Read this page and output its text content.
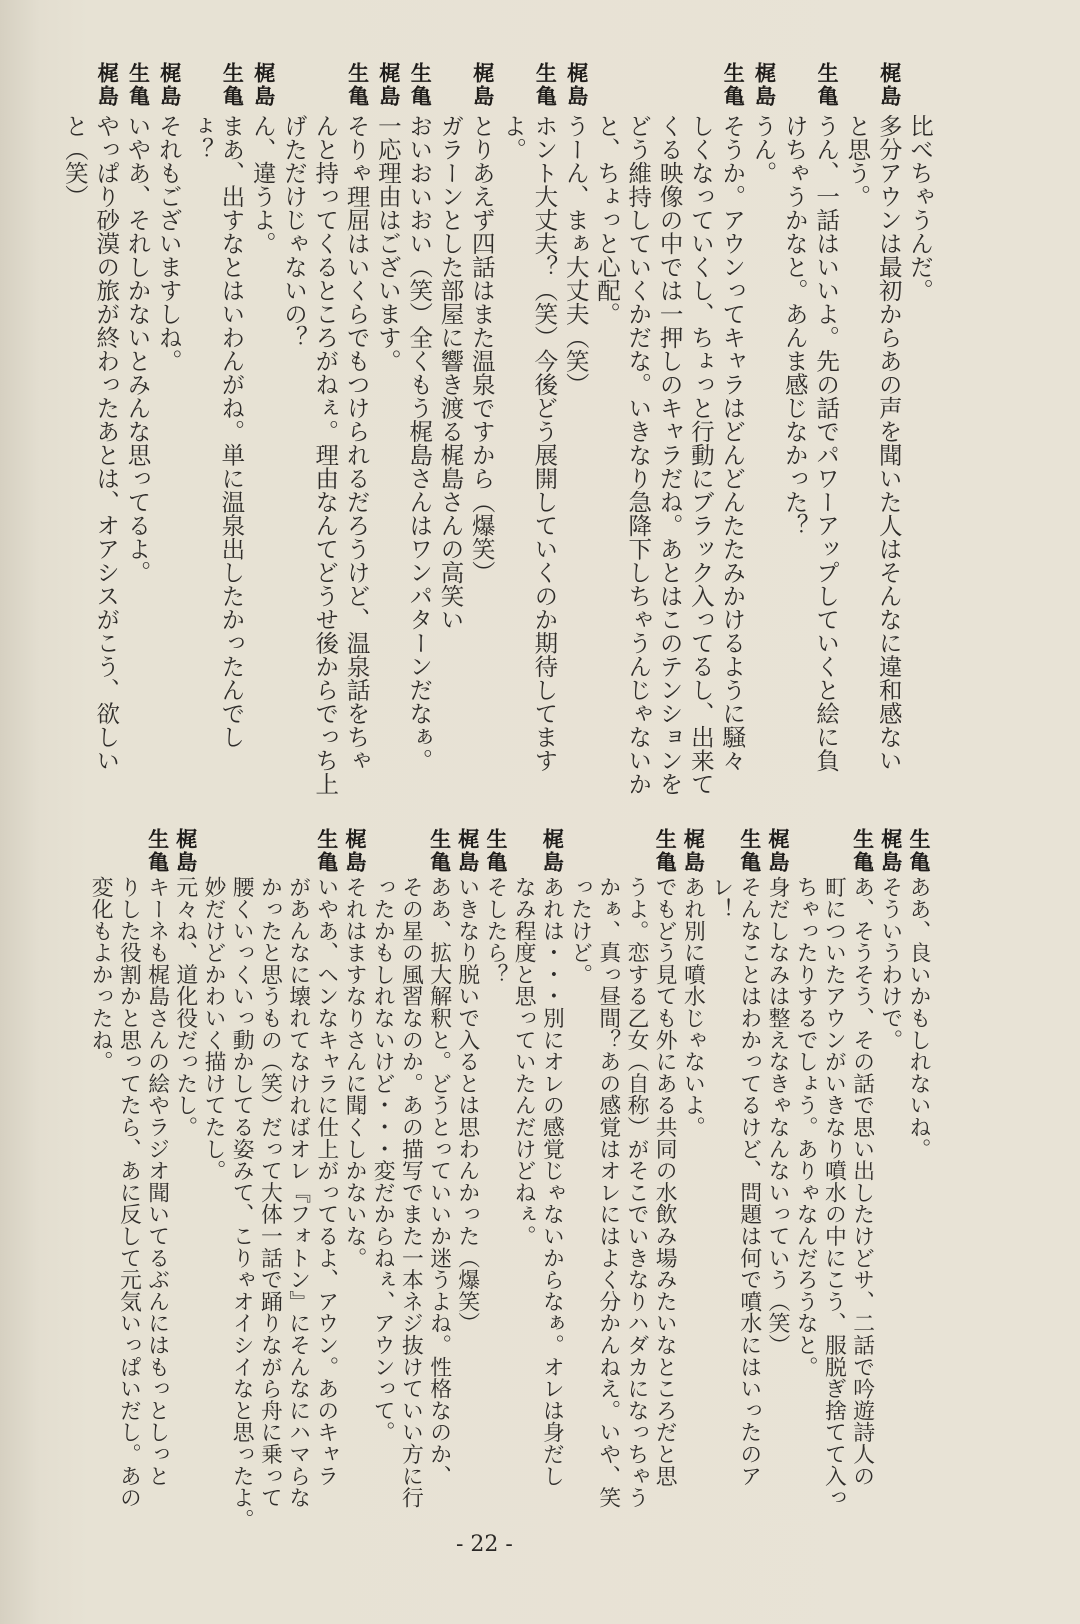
比べちゃうんだ。
梶島
多分アウンは最初からあの声を聞いた人はそんなに違和感ない
と思う。
生亀
うん、一話はいいよ。先の話でパワーアップしていくと絵に負
けちゃうかなと。あんま感じなかった？
梶島
うん。
生亀
そうか。アウンってキャラはどんどんたたみかけるように騒々
しくなっていくし、ちょっと行動にブラック入ってるし、出来て
くる映像の中では一押しのキャラだね。あとはこのテンションを
どう維持していくかだな。いきなり急降下しちゃうんじゃないか
と、ちょっと心配。
梶島
うーん、まぁ大丈夫（笑）
生亀
ホント大丈夫？（笑）今後どう展開していくのか期待してます
よ。
梶島
とりあえず四話はまた温泉ですから（爆笑）
ガラーンとした部屋に響き渡る梶島さんの高笑い
生亀
おいおいおい（笑）全くもう梶島さんはワンパターンだなぁ。
梶島
一応理由はございます。
生亀
そりゃ理屈はいくらでもつけられるだろうけど、温泉話をちゃ
んと持ってくるところがねぇ。理由なんてどうせ後からでっち上
げただけじゃないの？
梶島
ん、違うよ。
生亀
まあ、出すなとはいわんがね。単に温泉出したかったんでし
ょ？
梶島
それもございますしね。
生亀
いやあ、それしかないとみんな思ってるよ。
梶島
やっぱり砂漠の旅が終わったあとは、オアシスがこう、欲しい
と（笑）
生亀
ああ、良いかもしれないね。
梶島
そういうわけで。
生亀
あ、そうそう、その話で思い出したけどサ、二話で吟遊詩人の
町についたアウンがいきなり噴水の中にこう、服脱ぎ捨てて入っ
ちゃったりするでしょう。ありゃなんだろうなと。
梶島
身だしなみは整えなきゃなんないっていう（笑）
生亀
そんなことはわかってるけど、問題は何で噴水にはいったのア
レ！
梶島
あれ別に噴水じゃないよ。
生亀
でもどう見ても外にある共同の水飲み場みたいなところだと思
うよ。恋する乙女（自称）がそこでいきなりハダカになっちゃう
かぁ、真っ昼間？あの感覚はオレにはよく分かんねえ。いや、笑
ったけど。
梶島
あれは・・・別にオレの感覚じゃないからなぁ。オレは身だし
なみ程度と思っていたんだけどねぇ。
生亀
そしたら？
梶島
いきなり脱いで入るとは思わんかった（爆笑）
生亀
ああ、拡大解釈と。どうとっていいか迷うよね。性格なのか、
その星の風習なのか。あの描写でまた一本ネジ抜けていい方に行
ったかもしれないけど・・・変だからねぇ、アウンって。
梶島
それはますなりさんに聞くしかないな。
生亀
いやあ、ヘンなキャラに仕上がってるよ、アウン。あのキャラ
があんなに壊れてなければオレ『フォトン』にそんなにハマらな
かったと思うもの（笑）だって大体一話で踊りながら舟に乗って
腰くいっくいっ動かしてる姿みて、こりゃオイシイなと思ったよ。
妙だけどかわいく描けてたし。
梶島
元々ね、道化役だったし。
生亀
キーネも梶島さんの絵やラジオ聞いてるぶんにはもっとしっと
りした役割かと思ってたら、あに反して元気いっぱいだし。あの
変化もよかったね。
- 22 -
